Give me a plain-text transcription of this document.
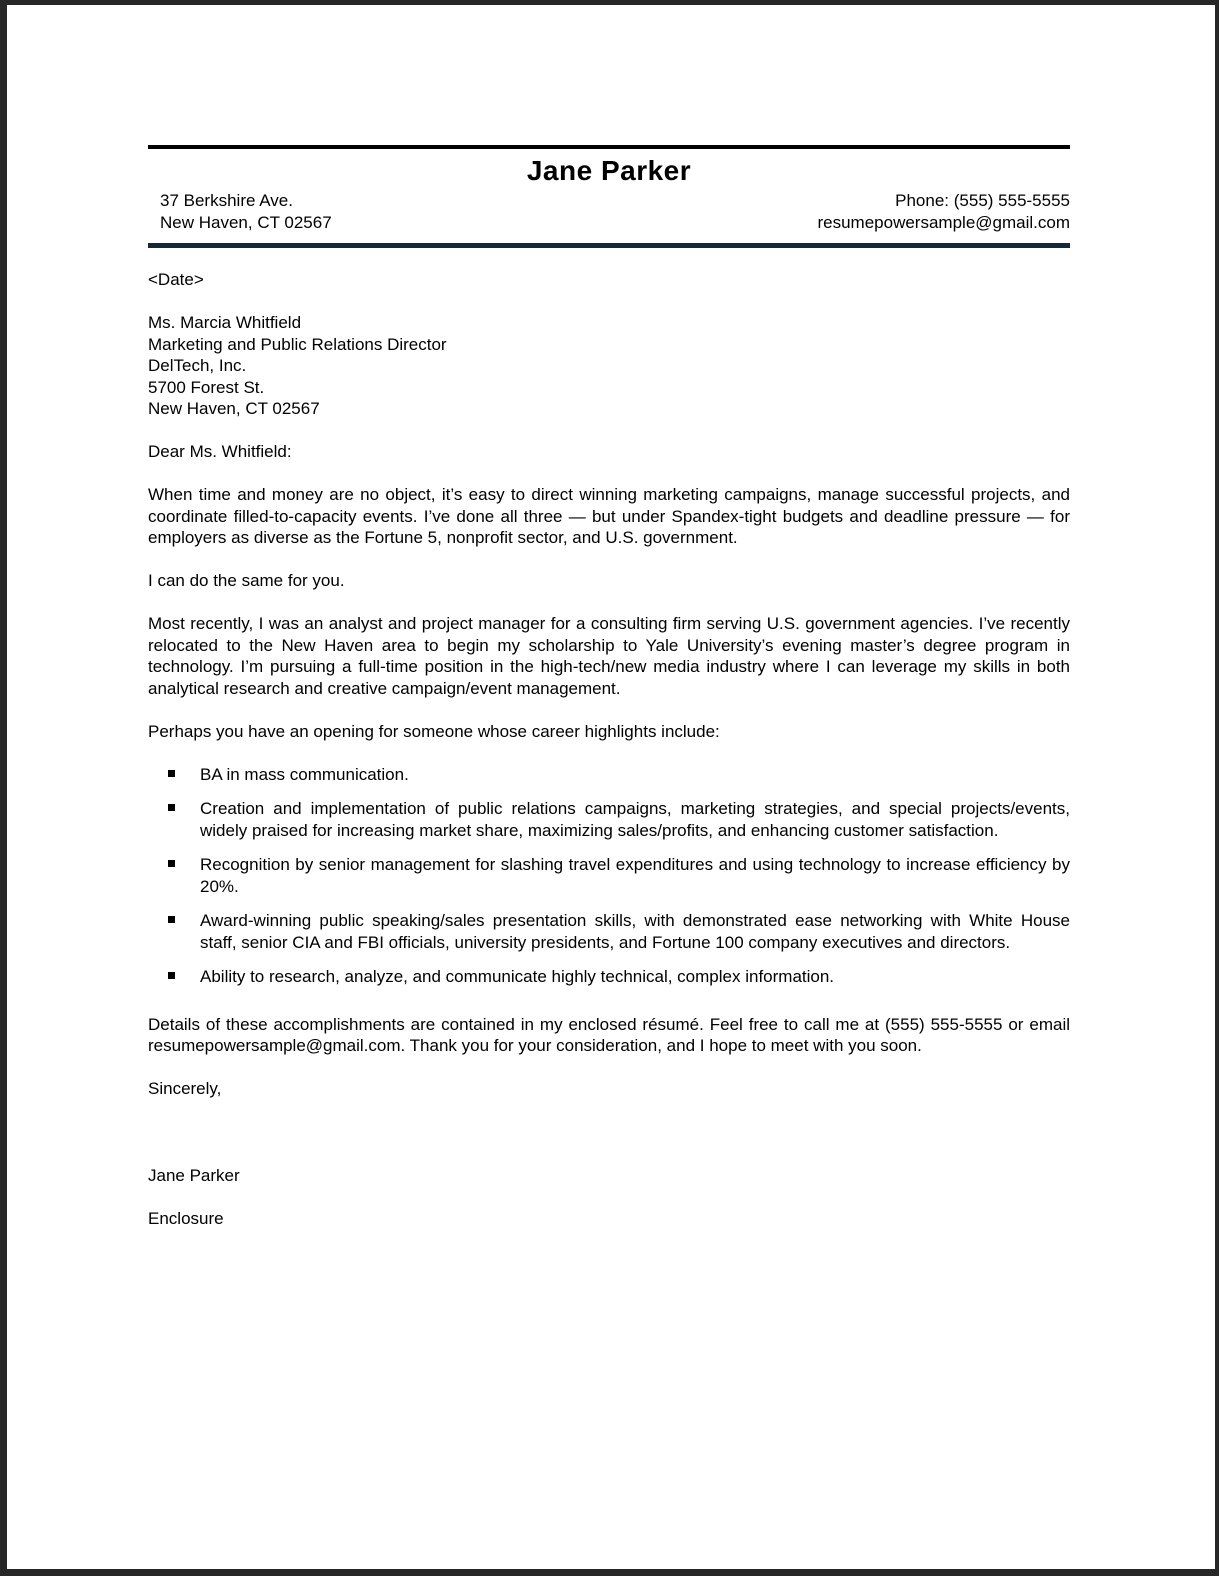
Jane Parker
37 Berkshire Ave.
New Haven, CT 02567
Phone: (555) 555-5555
resumepowersample@gmail.com

<Date>

Ms. Marcia Whitfield
Marketing and Public Relations Director
DelTech, Inc.
5700 Forest St.
New Haven, CT 02567

Dear Ms. Whitfield:

When time and money are no object, it’s easy to direct winning marketing campaigns, manage successful projects, and coordinate filled-to-capacity events. I’ve done all three — but under Spandex-tight budgets and deadline pressure — for employers as diverse as the Fortune 5, nonprofit sector, and U.S. government.

I can do the same for you.

Most recently, I was an analyst and project manager for a consulting firm serving U.S. government agencies. I’ve recently relocated to the New Haven area to begin my scholarship to Yale University’s evening master’s degree program in technology. I’m pursuing a full-time position in the high-tech/new media industry where I can leverage my skills in both analytical research and creative campaign/event management.

Perhaps you have an opening for someone whose career highlights include:

BA in mass communication.
Creation and implementation of public relations campaigns, marketing strategies, and special projects/events, widely praised for increasing market share, maximizing sales/profits, and enhancing customer satisfaction.
Recognition by senior management for slashing travel expenditures and using technology to increase efficiency by 20%.
Award-winning public speaking/sales presentation skills, with demonstrated ease networking with White House staff, senior CIA and FBI officials, university presidents, and Fortune 100 company executives and directors.
Ability to research, analyze, and communicate highly technical, complex information.

Details of these accomplishments are contained in my enclosed résumé. Feel free to call me at (555) 555-5555 or email resumepowersample@gmail.com. Thank you for your consideration, and I hope to meet with you soon.

Sincerely,

Jane Parker

Enclosure
